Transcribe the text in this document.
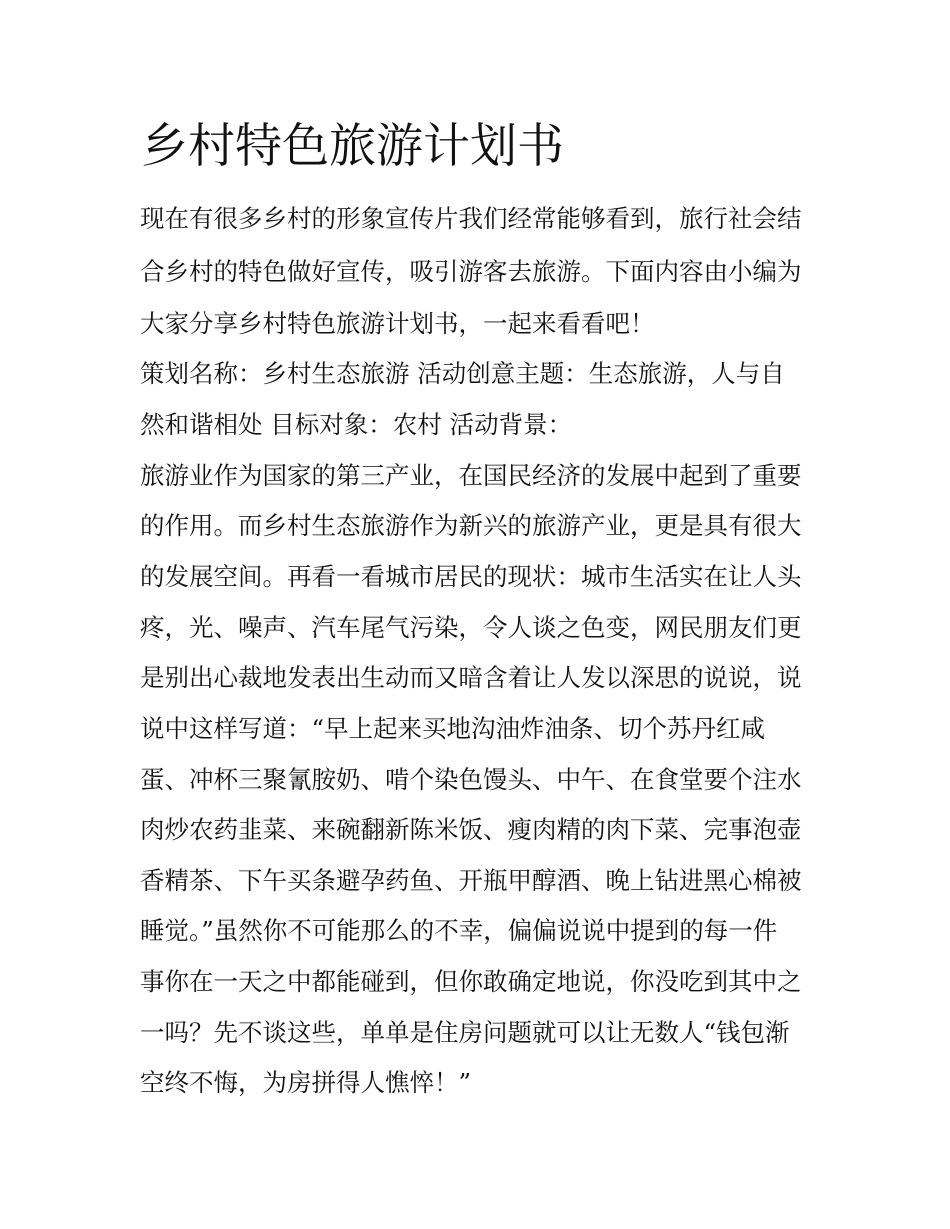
乡村特色旅游计划书

现在有很多乡村的形象宣传片我们经常能够看到，旅行社会结

合乡村的特色做好宣传，吸引游客去旅游。下面内容由小编为

大家分享乡村特色旅游计划书，一起来看看吧！

策划名称：乡村生态旅游 活动创意主题：生态旅游，人与自

然和谐相处 目标对象：农村 活动背景：

旅游业作为国家的第三产业，在国民经济的发展中起到了重要

的作用。而乡村生态旅游作为新兴的旅游产业，更是具有很大

的发展空间。再看一看城市居民的现状：城市生活实在让人头

疼，光、噪声、汽车尾气污染，令人谈之色变，网民朋友们更

是别出心裁地发表出生动而又暗含着让人发以深思的说说，说

说中这样写道：“早上起来买地沟油炸油条、切个苏丹红咸

蛋、冲杯三聚氰胺奶、啃个染色馒头、中午、在食堂要个注水

肉炒农药韭菜、来碗翻新陈米饭、瘦肉精的肉下菜、完事泡壶

香精茶、下午买条避孕药鱼、开瓶甲醇酒、晚上钻进黑心棉被

睡觉。”虽然你不可能那么的不幸，偏偏说说中提到的每一件

事你在一天之中都能碰到，但你敢确定地说，你没吃到其中之

一吗？先不谈这些，单单是住房问题就可以让无数人“钱包渐

空终不悔，为房拼得人憔悴！”
